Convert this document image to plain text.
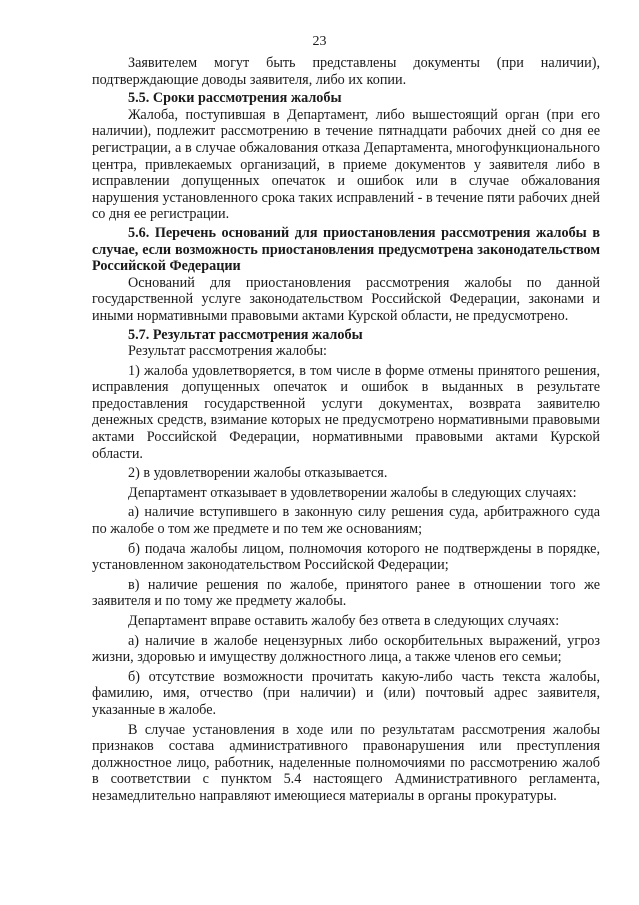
23

Заявителем могут быть представлены документы (при наличии), подтверждающие доводы заявителя, либо их копии.

5.5. Сроки рассмотрения жалобы

Жалоба, поступившая в Департамент, либо вышестоящий орган (при его наличии), подлежит рассмотрению в течение пятнадцати рабочих дней со дня ее регистрации, а в случае обжалования отказа Департамента, многофункционального центра, привлекаемых организаций, в приеме документов у заявителя либо в исправлении допущенных опечаток и ошибок или в случае обжалования нарушения установленного срока таких исправлений - в течение пяти рабочих дней со дня ее регистрации.

5.6. Перечень оснований для приостановления рассмотрения жалобы в случае, если возможность приостановления предусмотрена законодательством Российской Федерации

Оснований для приостановления рассмотрения жалобы по данной государственной услуге законодательством Российской Федерации, законами и иными нормативными правовыми актами Курской области, не предусмотрено.

5.7. Результат рассмотрения жалобы

Результат рассмотрения жалобы:

1) жалоба удовлетворяется, в том числе в форме отмены принятого решения, исправления допущенных опечаток и ошибок в выданных в результате предоставления государственной услуги документах, возврата заявителю денежных средств, взимание которых не предусмотрено нормативными правовыми актами Российской Федерации, нормативными правовыми актами Курской области.

2) в удовлетворении жалобы отказывается.

Департамент отказывает в удовлетворении жалобы в следующих случаях:

а) наличие вступившего в законную силу решения суда, арбитражного суда по жалобе о том же предмете и по тем же основаниям;

б) подача жалобы лицом, полномочия которого не подтверждены в порядке, установленном законодательством Российской Федерации;

в) наличие решения по жалобе, принятого ранее в отношении того же заявителя и по тому же предмету жалобы.

Департамент вправе оставить жалобу без ответа в следующих случаях:

а) наличие в жалобе нецензурных либо оскорбительных выражений, угроз жизни, здоровью и имуществу должностного лица, а также членов его семьи;

б) отсутствие возможности прочитать какую-либо часть текста жалобы, фамилию, имя, отчество (при наличии) и (или) почтовый адрес заявителя, указанные в жалобе.

В случае установления в ходе или по результатам рассмотрения жалобы признаков состава административного правонарушения или преступления должностное лицо, работник, наделенные полномочиями по рассмотрению жалоб в соответствии с пунктом 5.4 настоящего Административного регламента, незамедлительно направляют имеющиеся материалы в органы прокуратуры.
